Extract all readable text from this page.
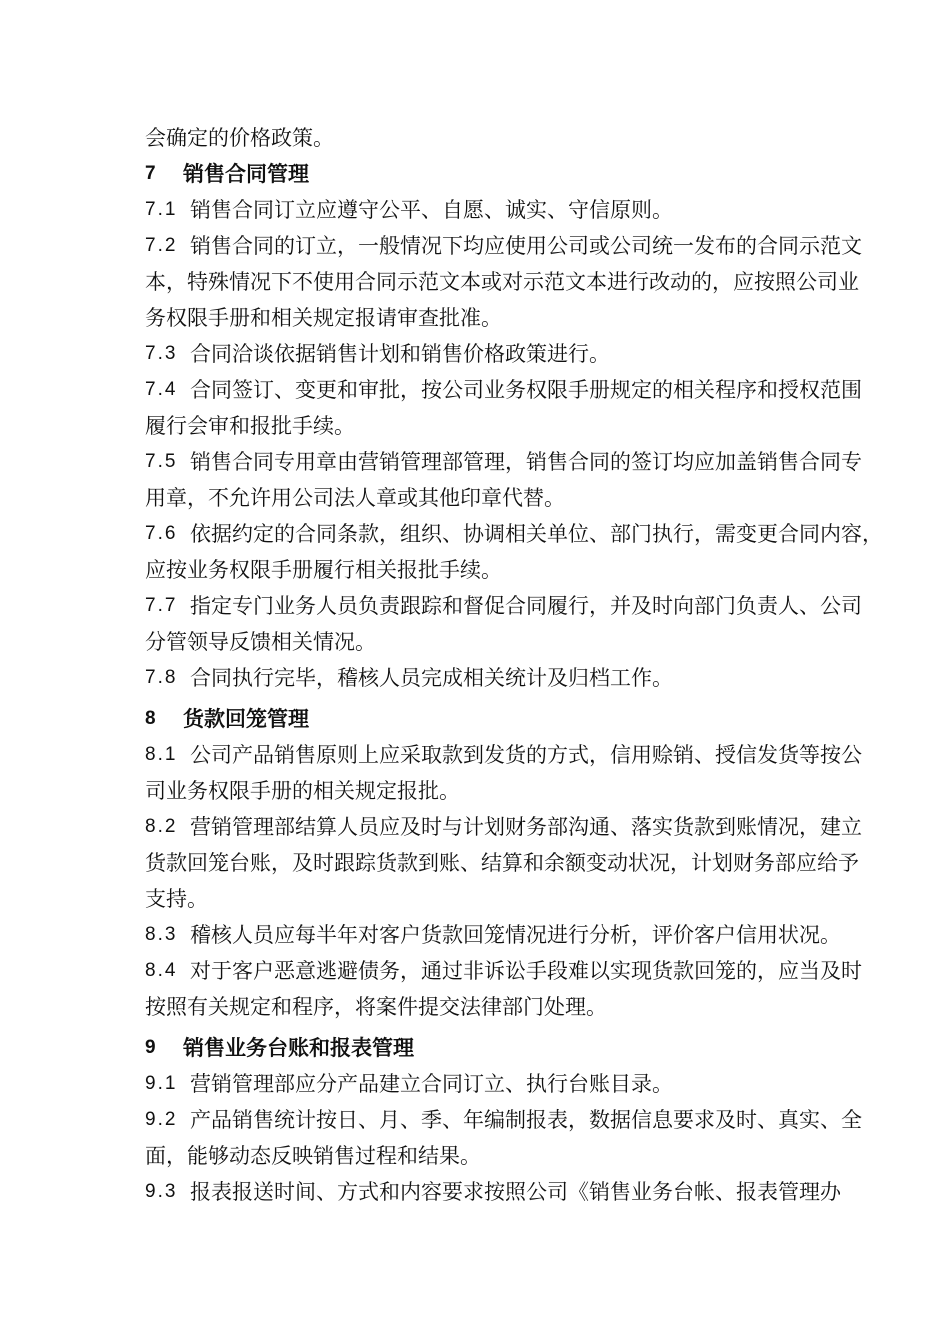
会确定的价格政策。
7	销售合同管理
7.1 销售合同订立应遵守公平、自愿、诚实、守信原则。
7.2 销售合同的订立，一般情况下均应使用公司或公司统一发布的合同示范文
本，特殊情况下不使用合同示范文本或对示范文本进行改动的，应按照公司业
务权限手册和相关规定报请审查批准。
7.3 合同洽谈依据销售计划和销售价格政策进行。
7.4 合同签订、变更和审批，按公司业务权限手册规定的相关程序和授权范围
履行会审和报批手续。
7.5 销售合同专用章由营销管理部管理，销售合同的签订均应加盖销售合同专
用章，不允许用公司法人章或其他印章代替。
7.6 依据约定的合同条款，组织、协调相关单位、部门执行，需变更合同内容，
应按业务权限手册履行相关报批手续。
7.7 指定专门业务人员负责跟踪和督促合同履行，并及时向部门负责人、公司
分管领导反馈相关情况。
7.8 合同执行完毕，稽核人员完成相关统计及归档工作。
8	货款回笼管理
8.1 公司产品销售原则上应采取款到发货的方式，信用赊销、授信发货等按公
司业务权限手册的相关规定报批。
8.2 营销管理部结算人员应及时与计划财务部沟通、落实货款到账情况，建立
货款回笼台账，及时跟踪货款到账、结算和余额变动状况，计划财务部应给予
支持。
8.3 稽核人员应每半年对客户货款回笼情况进行分析，评价客户信用状况。
8.4 对于客户恶意逃避债务，通过非诉讼手段难以实现货款回笼的，应当及时
按照有关规定和程序，将案件提交法律部门处理。
9	销售业务台账和报表管理
9.1 营销管理部应分产品建立合同订立、执行台账目录。
9.2 产品销售统计按日、月、季、年编制报表，数据信息要求及时、真实、全
面，能够动态反映销售过程和结果。
9.3 报表报送时间、方式和内容要求按照公司《销售业务台帐、报表管理办
